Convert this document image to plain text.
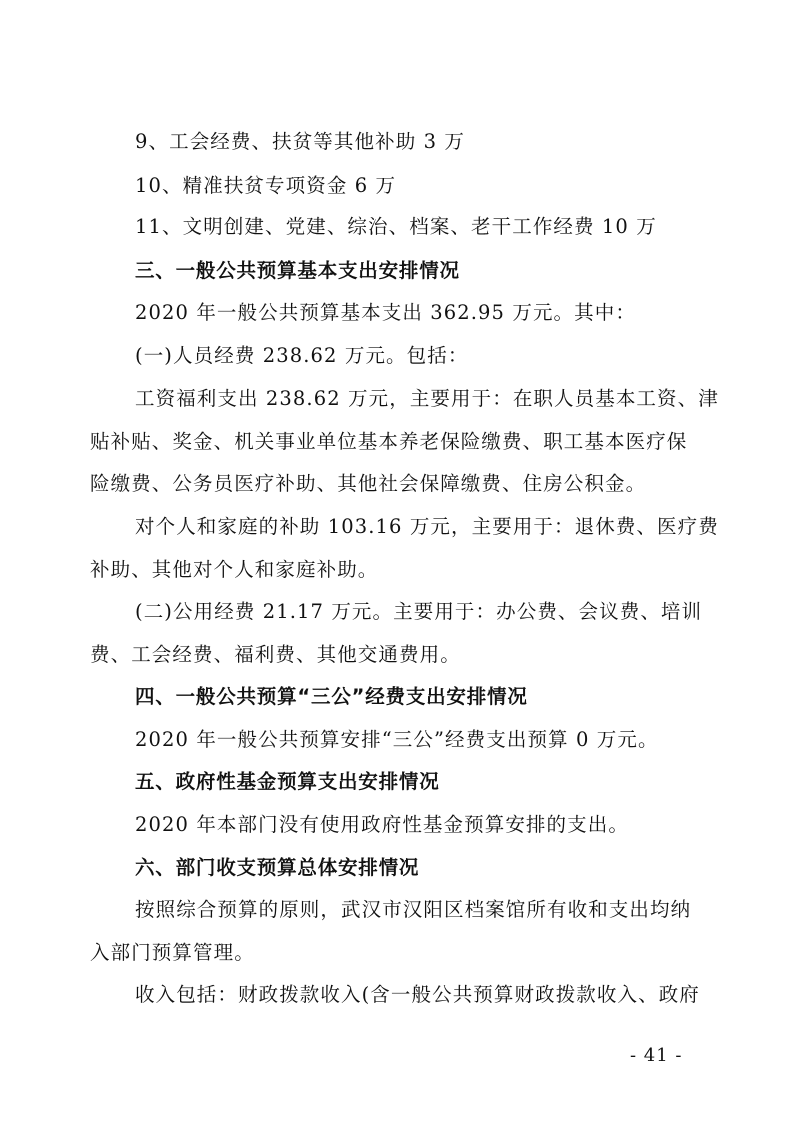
9、工会经费、扶贫等其他补助 3 万
10、精准扶贫专项资金 6 万
11、文明创建、党建、综治、档案、老干工作经费 10 万
三、一般公共预算基本支出安排情况
2020 年一般公共预算基本支出 362.95 万元。其中：
(一)人员经费 238.62 万元。包括：
工资福利支出 238.62 万元，主要用于：在职人员基本工资、津
贴补贴、奖金、机关事业单位基本养老保险缴费、职工基本医疗保
险缴费、公务员医疗补助、其他社会保障缴费、住房公积金。
对个人和家庭的补助 103.16 万元，主要用于：退休费、医疗费
补助、其他对个人和家庭补助。
(二)公用经费 21.17 万元。主要用于：办公费、会议费、培训
费、工会经费、福利费、其他交通费用。
四、一般公共预算“三公”经费支出安排情况
2020 年一般公共预算安排“三公”经费支出预算 0 万元。
五、政府性基金预算支出安排情况
2020 年本部门没有使用政府性基金预算安排的支出。
六、部门收支预算总体安排情况
按照综合预算的原则，武汉市汉阳区档案馆所有收和支出均纳
入部门预算管理。
收入包括：财政拨款收入(含一般公共预算财政拨款收入、政府
- 41 -
